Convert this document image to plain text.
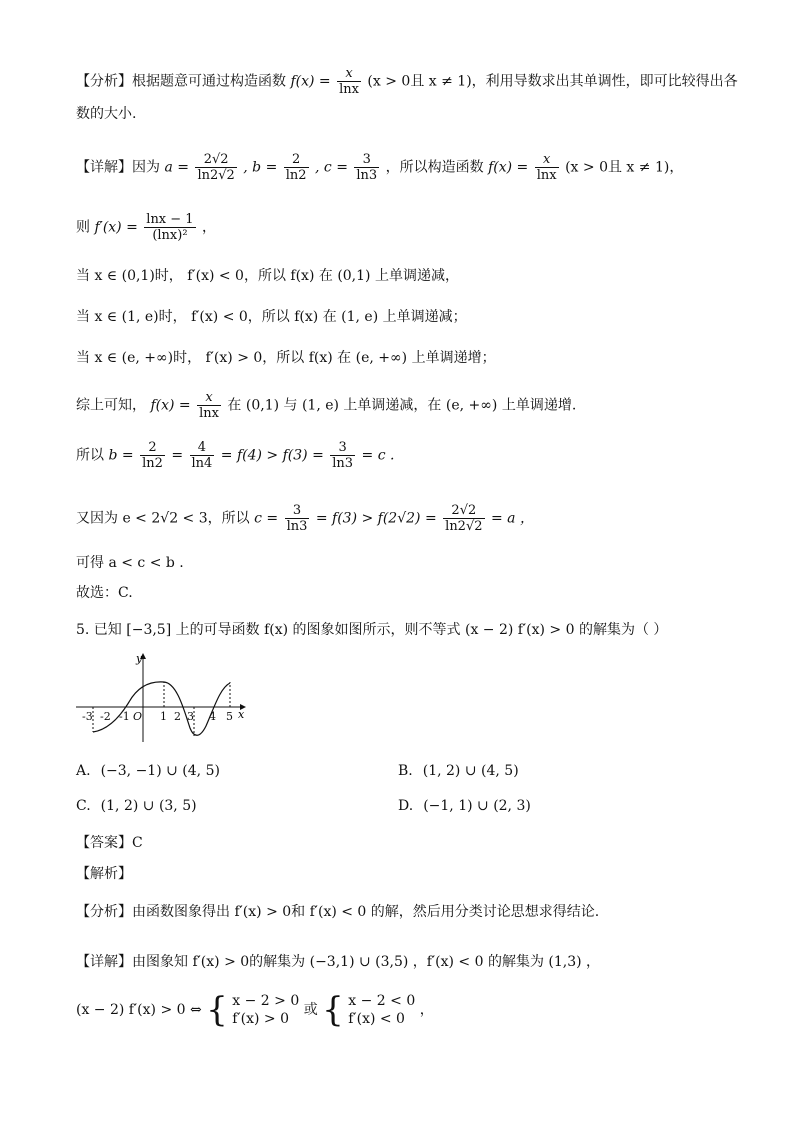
【分析】根据题意可通过构造函数 $f(x) = \frac{x}{\ln x} (x > 0$且 x ≠ 1)，利用导数求出其单调性，即可比较得出各
数的大小.
【详解】因为 $a = \frac{2√2}{\ln 2√2}$ , $b = \frac{2}{\ln 2}$ , $c = \frac{3}{\ln 3}$ ，所以构造函数 $f(x) = \frac{x}{\ln x} (x > 0$且 x ≠ 1)，
则 $f'(x) = \frac{\ln x - 1}{\text{(lnx)²}}$ ，
当 x ∈ (0,1)时， f′(x) < 0，所以 f(x) 在 (0,1) 上单调递减，
当 x ∈ (1, e)时， f′(x) < 0，所以 f(x) 在 (1, e) 上单调递减；
当 x ∈ (e, +∞)时， f′(x) > 0，所以 f(x) 在 (e, +∞) 上单调递增；
综上可知， $f(x) = \frac{x}{\ln x}$ 在 (0,1) 与 (1, e) 上单调递减，在 (e, +∞) 上单调递增.
所以 $b = \frac{2}{\ln 2} = \frac{4}{\ln 4} = f(4) > f(3) = \frac{3}{\ln 3} = c$ .
又因为 e < 2√2 < 3，所以 $c = \frac{3}{\ln 3} = f(3) > f(2√2) = \frac{2√2}{\ln 2√2} = a$ ，
可得 a < c < b .
故选：C.
5. 已知 [−3,5] 上的可导函数 f(x) 的图象如图所示，则不等式 (x − 2) f′(x) > 0 的解集为（ ）
x
y
-3 -2 -1 O 1 2 3 4 5
A. (−3, −1) ∪ (4, 5)	B. (1, 2) ∪ (4, 5)
C. (1, 2) ∪ (3, 5)	D. (−1, 1) ∪ (2, 3)
【答案】C
【解析】
【分析】由函数图象得出 f′(x) > 0和 f′(x) < 0 的解，然后用分类讨论思想求得结论.
【详解】由图象知 f′(x) > 0的解集为 (−3,1) ∪ (3,5) ，f′(x) < 0 的解集为 (1,3) ，
(x − 2) f′(x) > 0 ⇔ { x − 2 > 0
f′(x) > 0
或 { x − 2 < 0
f′(x) < 0
，
